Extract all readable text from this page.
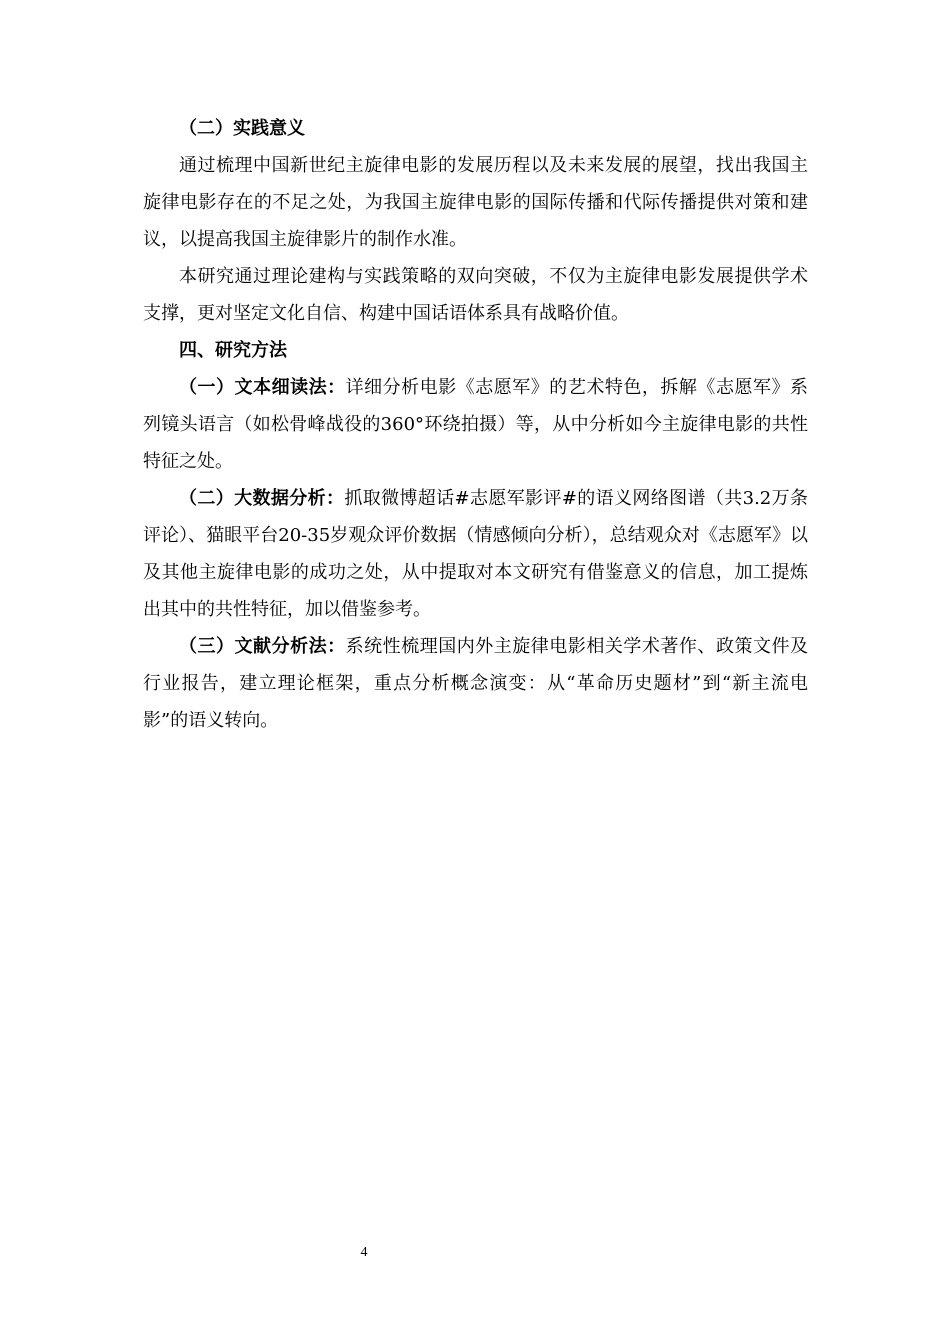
（二）实践意义

通过梳理中国新世纪主旋律电影的发展历程以及未来发展的展望，找出我国主旋律电影存在的不足之处，为我国主旋律电影的国际传播和代际传播提供对策和建议，以提高我国主旋律影片的制作水准。

本研究通过理论建构与实践策略的双向突破，不仅为主旋律电影发展提供学术支撑，更对坚定文化自信、构建中国话语体系具有战略价值。

四、研究方法

（一）文本细读法：详细分析电影《志愿军》的艺术特色，拆解《志愿军》系列镜头语言（如松骨峰战役的360°环绕拍摄）等，从中分析如今主旋律电影的共性特征之处。

（二）大数据分析：抓取微博超话#志愿军影评#的语义网络图谱（共3.2万条评论）、猫眼平台20-35岁观众评价数据（情感倾向分析），总结观众对《志愿军》以及其他主旋律电影的成功之处，从中提取对本文研究有借鉴意义的信息，加工提炼出其中的共性特征，加以借鉴参考。

（三）文献分析法：系统性梳理国内外主旋律电影相关学术著作、政策文件及行业报告，建立理论框架，重点分析概念演变：从“革命历史题材”到“新主流电影”的语义转向。

4
